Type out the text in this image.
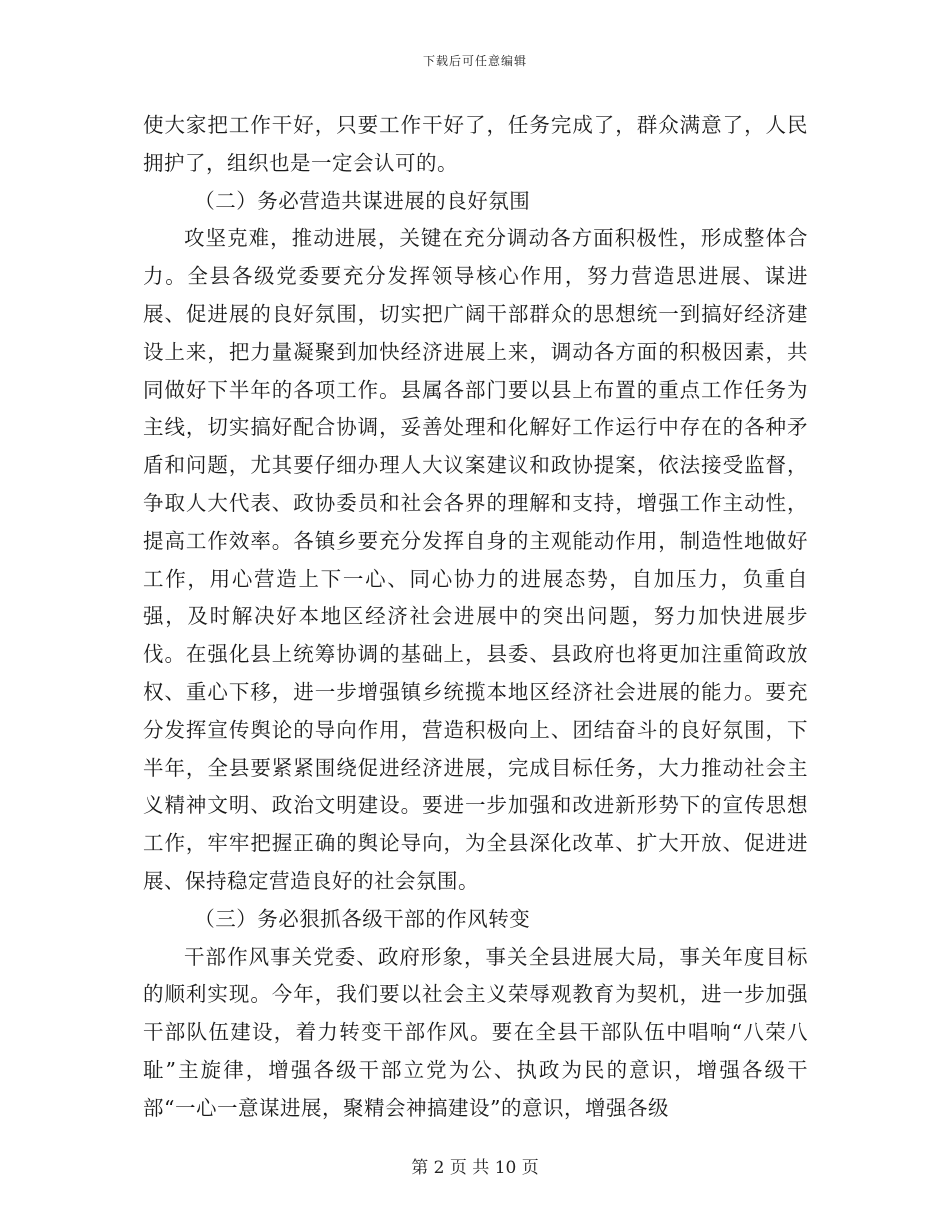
下载后可任意编辑

使大家把工作干好，只要工作干好了，任务完成了，群众满意了，人民拥护了，组织也是一定会认可的。

（二）务必营造共谋进展的良好氛围

攻坚克难，推动进展，关键在充分调动各方面积极性，形成整体合力。全县各级党委要充分发挥领导核心作用，努力营造思进展、谋进展、促进展的良好氛围，切实把广阔干部群众的思想统一到搞好经济建设上来，把力量凝聚到加快经济进展上来，调动各方面的积极因素，共同做好下半年的各项工作。县属各部门要以县上布置的重点工作任务为主线，切实搞好配合协调，妥善处理和化解好工作运行中存在的各种矛盾和问题，尤其要仔细办理人大议案建议和政协提案，依法接受监督，争取人大代表、政协委员和社会各界的理解和支持，增强工作主动性，提高工作效率。各镇乡要充分发挥自身的主观能动作用，制造性地做好工作，用心营造上下一心、同心协力的进展态势，自加压力，负重自强，及时解决好本地区经济社会进展中的突出问题，努力加快进展步伐。在强化县上统筹协调的基础上，县委、县政府也将更加注重简政放权、重心下移，进一步增强镇乡统揽本地区经济社会进展的能力。要充分发挥宣传舆论的导向作用，营造积极向上、团结奋斗的良好氛围，下半年，全县要紧紧围绕促进经济进展，完成目标任务，大力推动社会主义精神文明、政治文明建设。要进一步加强和改进新形势下的宣传思想工作，牢牢把握正确的舆论导向，为全县深化改革、扩大开放、促进进展、保持稳定营造良好的社会氛围。

（三）务必狠抓各级干部的作风转变

干部作风事关党委、政府形象，事关全县进展大局，事关年度目标的顺利实现。今年，我们要以社会主义荣辱观教育为契机，进一步加强干部队伍建设，着力转变干部作风。要在全县干部队伍中唱响“八荣八耻”主旋律，增强各级干部立党为公、执政为民的意识，增强各级干部“一心一意谋进展，聚精会神搞建设”的意识，增强各级

第 2 页 共 10 页
